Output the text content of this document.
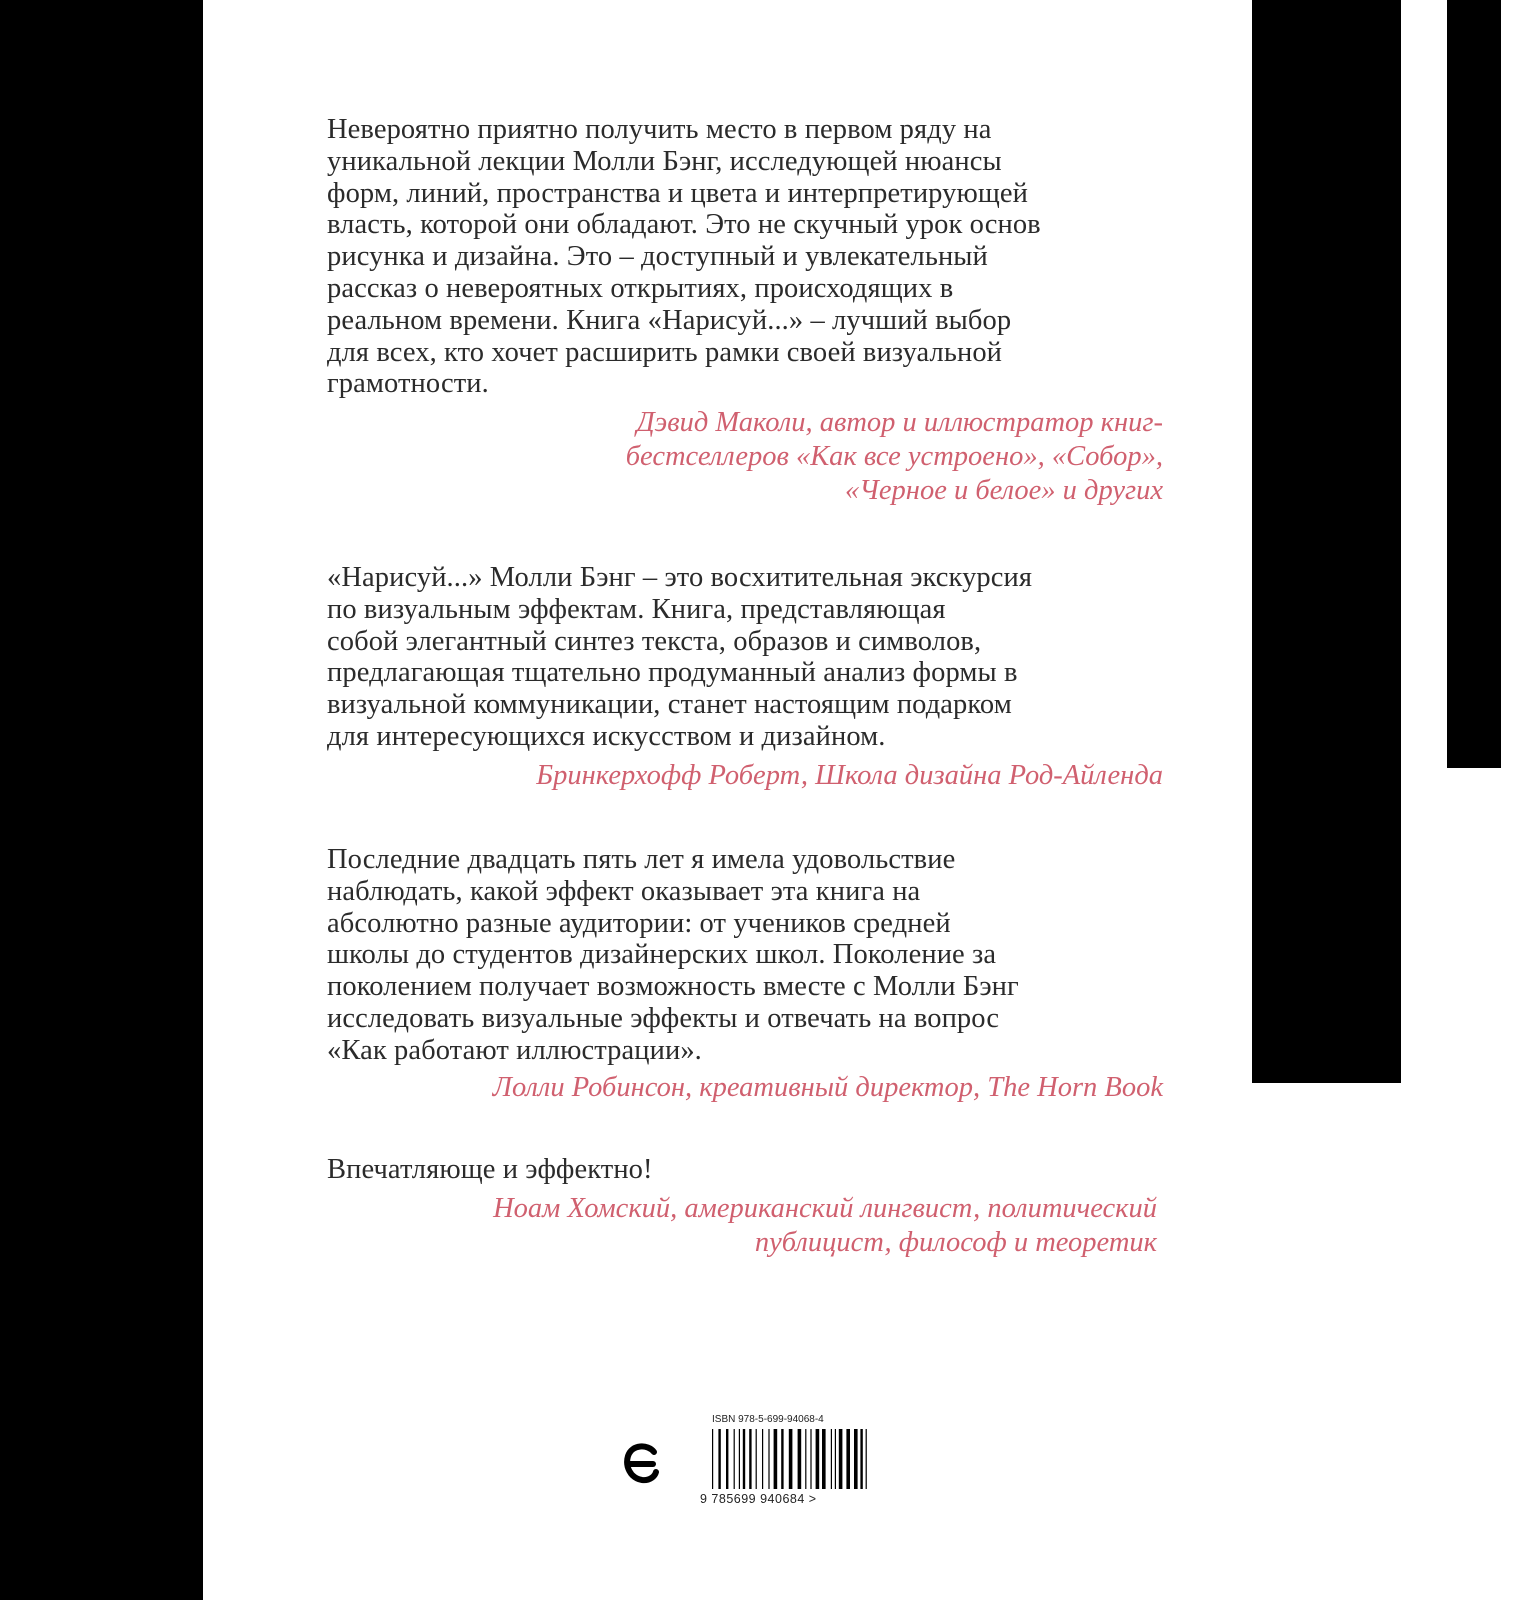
Невероятно приятно получить место в первом ряду на
уникальной лекции Молли Бэнг, исследующей нюансы
форм, линий, пространства и цвета и интерпретирующей
власть, которой они обладают. Это не скучный урок основ
рисунка и дизайна. Это – доступный и увлекательный
рассказ о невероятных открытиях, происходящих в
реальном времени. Книга «Нарисуй...» – лучший выбор
для всех, кто хочет расширить рамки своей визуальной
грамотности.

Дэвид Маколи, автор и иллюстратор книг-
бестселлеров «Как все устроено», «Собор»,
«Черное и белое» и других

«Нарисуй...» Молли Бэнг – это восхитительная экскурсия
по визуальным эффектам. Книга, представляющая
собой элегантный синтез текста, образов и символов,
предлагающая тщательно продуманный анализ формы в
визуальной коммуникации, станет настоящим подарком
для интересующихся искусством и дизайном.

Бринкерхофф Роберт, Школа дизайна Род-Айленда

Последние двадцать пять лет я имела удовольствие
наблюдать, какой эффект оказывает эта книга на
абсолютно разные аудитории: от учеников средней
школы до студентов дизайнерских школ. Поколение за
поколением получает возможность вместе с Молли Бэнг
исследовать визуальные эффекты и отвечать на вопрос
«Как работают иллюстрации».

Лолли Робинсон, креативный директор, The Horn Book

Впечатляюще и эффектно!

Ноам Хомский, американский лингвист, политический
публицист, философ и теоретик

ISBN 978-5-699-94068-4
9 785699 940684 >
